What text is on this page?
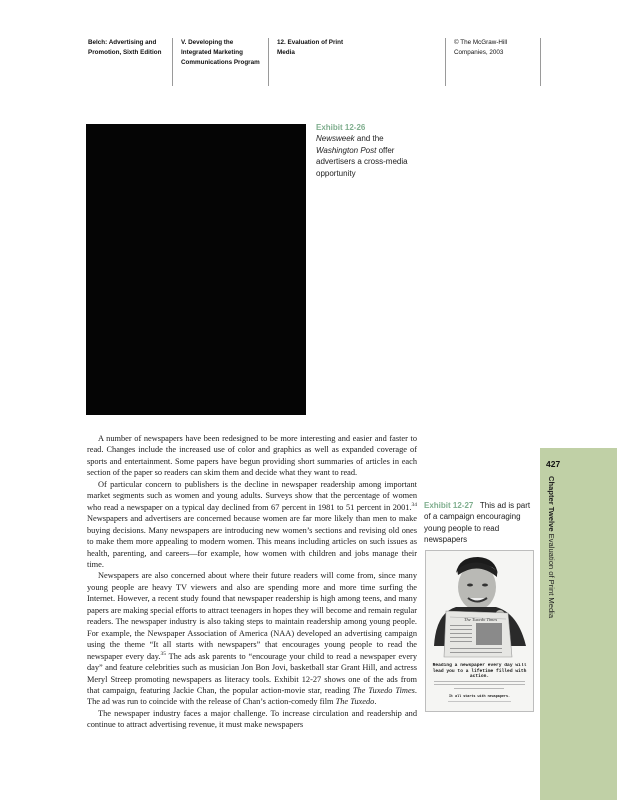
Belch: Advertising and
Promotion, Sixth Edition
V. Developing the
Integrated Marketing
Communications Program
12. Evaluation of Print
Media
© The McGraw-Hill
Companies, 2003
Exhibit 12-26
Newsweek and the Washington Post offer advertisers a cross-media opportunity

A number of newspapers have been redesigned to be more interesting and easier and faster to read. Changes include the increased use of color and graphics as well as expanded coverage of sports and entertainment. Some papers have begun providing short summaries of articles in each section of the paper so readers can skim them and decide what they want to read.

Of particular concern to publishers is the decline in newspaper readership among important market segments such as women and young adults. Surveys show that the percentage of women who read a newspaper on a typical day declined from 67 percent in 1981 to 51 percent in 2001.34 Newspapers and advertisers are concerned because women are far more likely than men to make buying decisions. Many newspapers are introducing new women’s sections and revising old ones to make them more appealing to modern women. This means including articles on such issues as health, parenting, and careers—for example, how women with children and jobs manage their time.

Newspapers are also concerned about where their future readers will come from, since many young people are heavy TV viewers and also are spending more and more time surfing the Internet. However, a recent study found that newspaper readership is high among teens, and many papers are making special efforts to attract teenagers in hopes they will become and remain regular readers. The newspaper industry is also taking steps to maintain readership among young people. For example, the Newspaper Association of America (NAA) developed an advertising campaign using the theme “It all starts with newspapers” that encourages young people to read the newspaper every day.$^{35}$ The ads ask parents to “encourage your child to read a newspaper every day” and feature celebrities such as musician Jon Bon Jovi, basketball star Grant Hill, and actress Meryl Streep promoting newspapers as literacy tools. Exhibit 12-27 shows one of the ads from that campaign, featuring Jackie Chan, the popular action-movie star, reading The Tuxedo Times. The ad was run to coincide with the release of Chan’s action-comedy film The Tuxedo.

The newspaper industry faces a major challenge. To increase circulation and readership and continue to attract advertising revenue, it must make newspapers

Exhibit 12-27 This ad is part of a campaign encouraging young people to read newspapers
The Tuxedo Times
Reading a newspaper every day will lead you to a lifetime filled with action.
It all starts with newspapers.
427
Chapter Twelve Evaluation of Print Media
